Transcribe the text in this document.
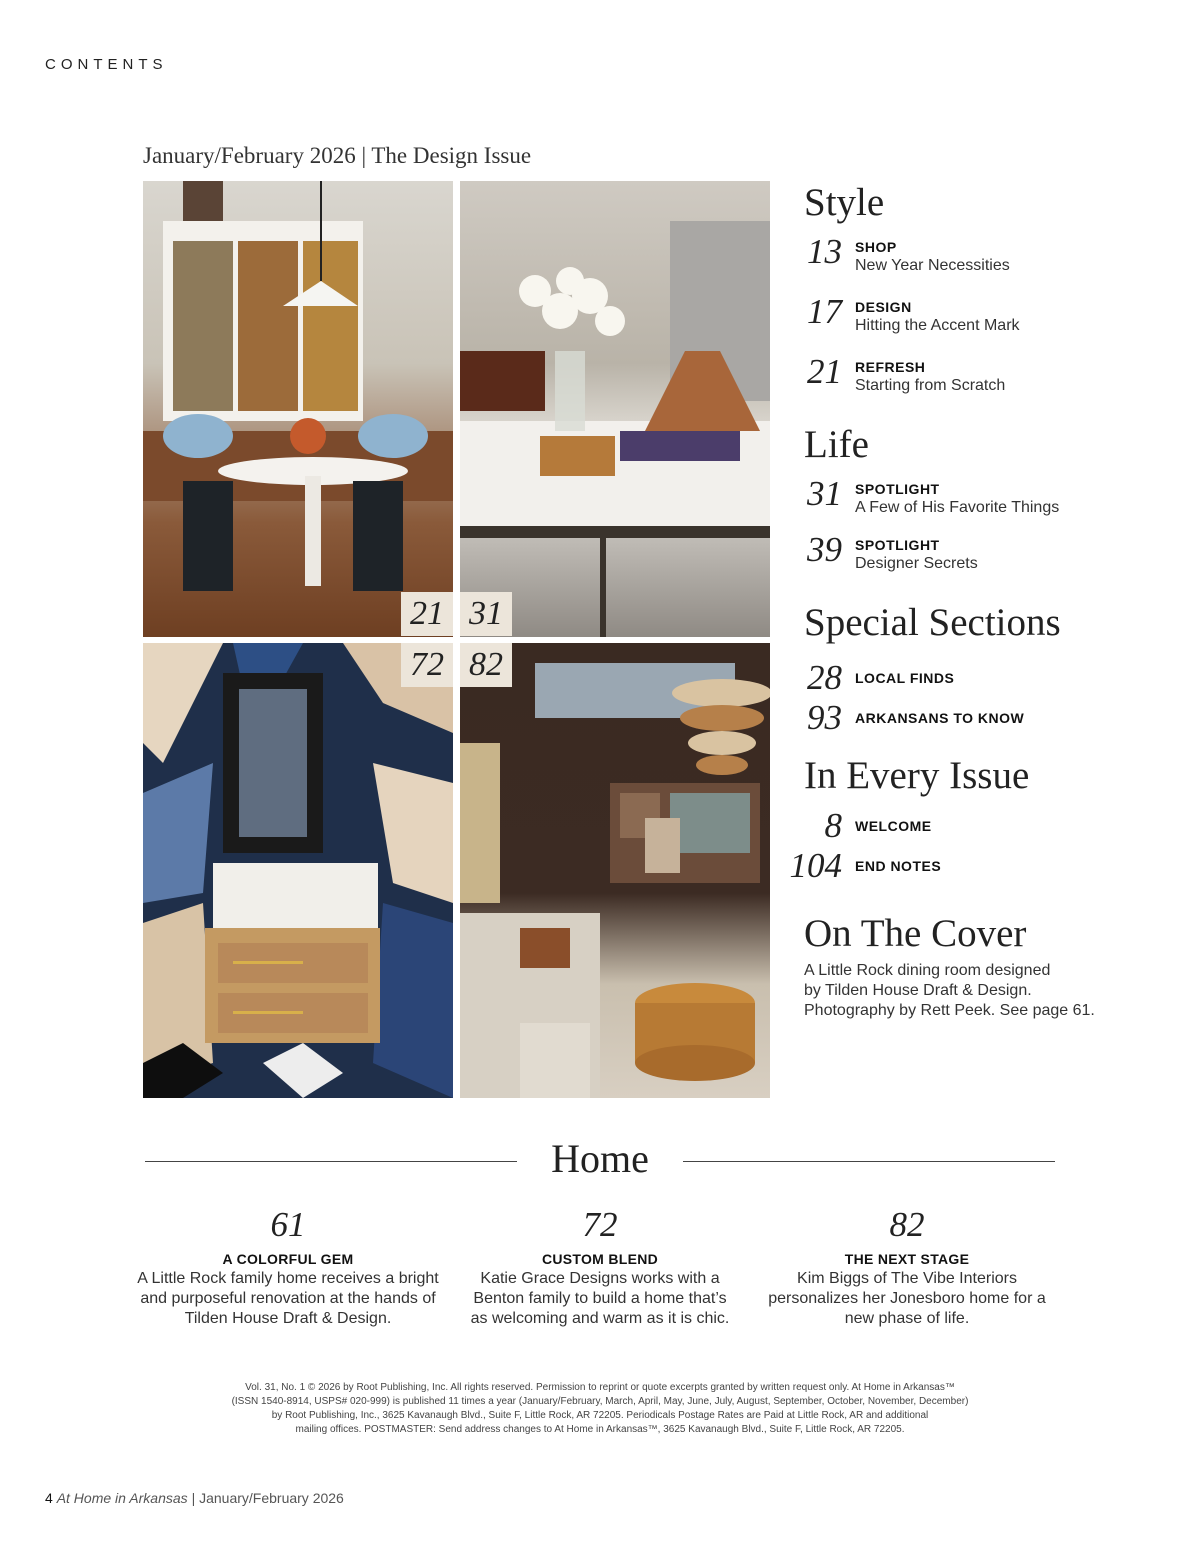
CONTENTS
January/February 2026 | The Design Issue
21 31
72 82
Style
13 SHOP
New Year Necessities
17 DESIGN
Hitting the Accent Mark
21 REFRESH
Starting from Scratch
Life
31 SPOTLIGHT
A Few of His Favorite Things
39 SPOTLIGHT
Designer Secrets
Special Sections
28 LOCAL FINDS
93 ARKANSANS TO KNOW
In Every Issue
8 WELCOME
104 END NOTES
On The Cover
A Little Rock dining room designed
by Tilden House Draft & Design.
Photography by Rett Peek. See page 61.
Home
61
A COLORFUL GEM
A Little Rock family home receives a bright
and purposeful renovation at the hands of
Tilden House Draft & Design.
72
CUSTOM BLEND
Katie Grace Designs works with a
Benton family to build a home that’s
as welcoming and warm as it is chic.
82
THE NEXT STAGE
Kim Biggs of The Vibe Interiors
personalizes her Jonesboro home for a
new phase of life.
Vol. 31, No. 1 © 2026 by Root Publishing, Inc. All rights reserved. Permission to reprint or quote excerpts granted by written request only. At Home in Arkansas™
(ISSN 1540-8914, USPS# 020-999) is published 11 times a year (January/February, March, April, May, June, July, August, September, October, November, December)
by Root Publishing, Inc., 3625 Kavanaugh Blvd., Suite F, Little Rock, AR 72205. Periodicals Postage Rates are Paid at Little Rock, AR and additional
mailing offices. POSTMASTER: Send address changes to At Home in Arkansas™, 3625 Kavanaugh Blvd., Suite F, Little Rock, AR 72205.
4 At Home in Arkansas | January/February 2026
